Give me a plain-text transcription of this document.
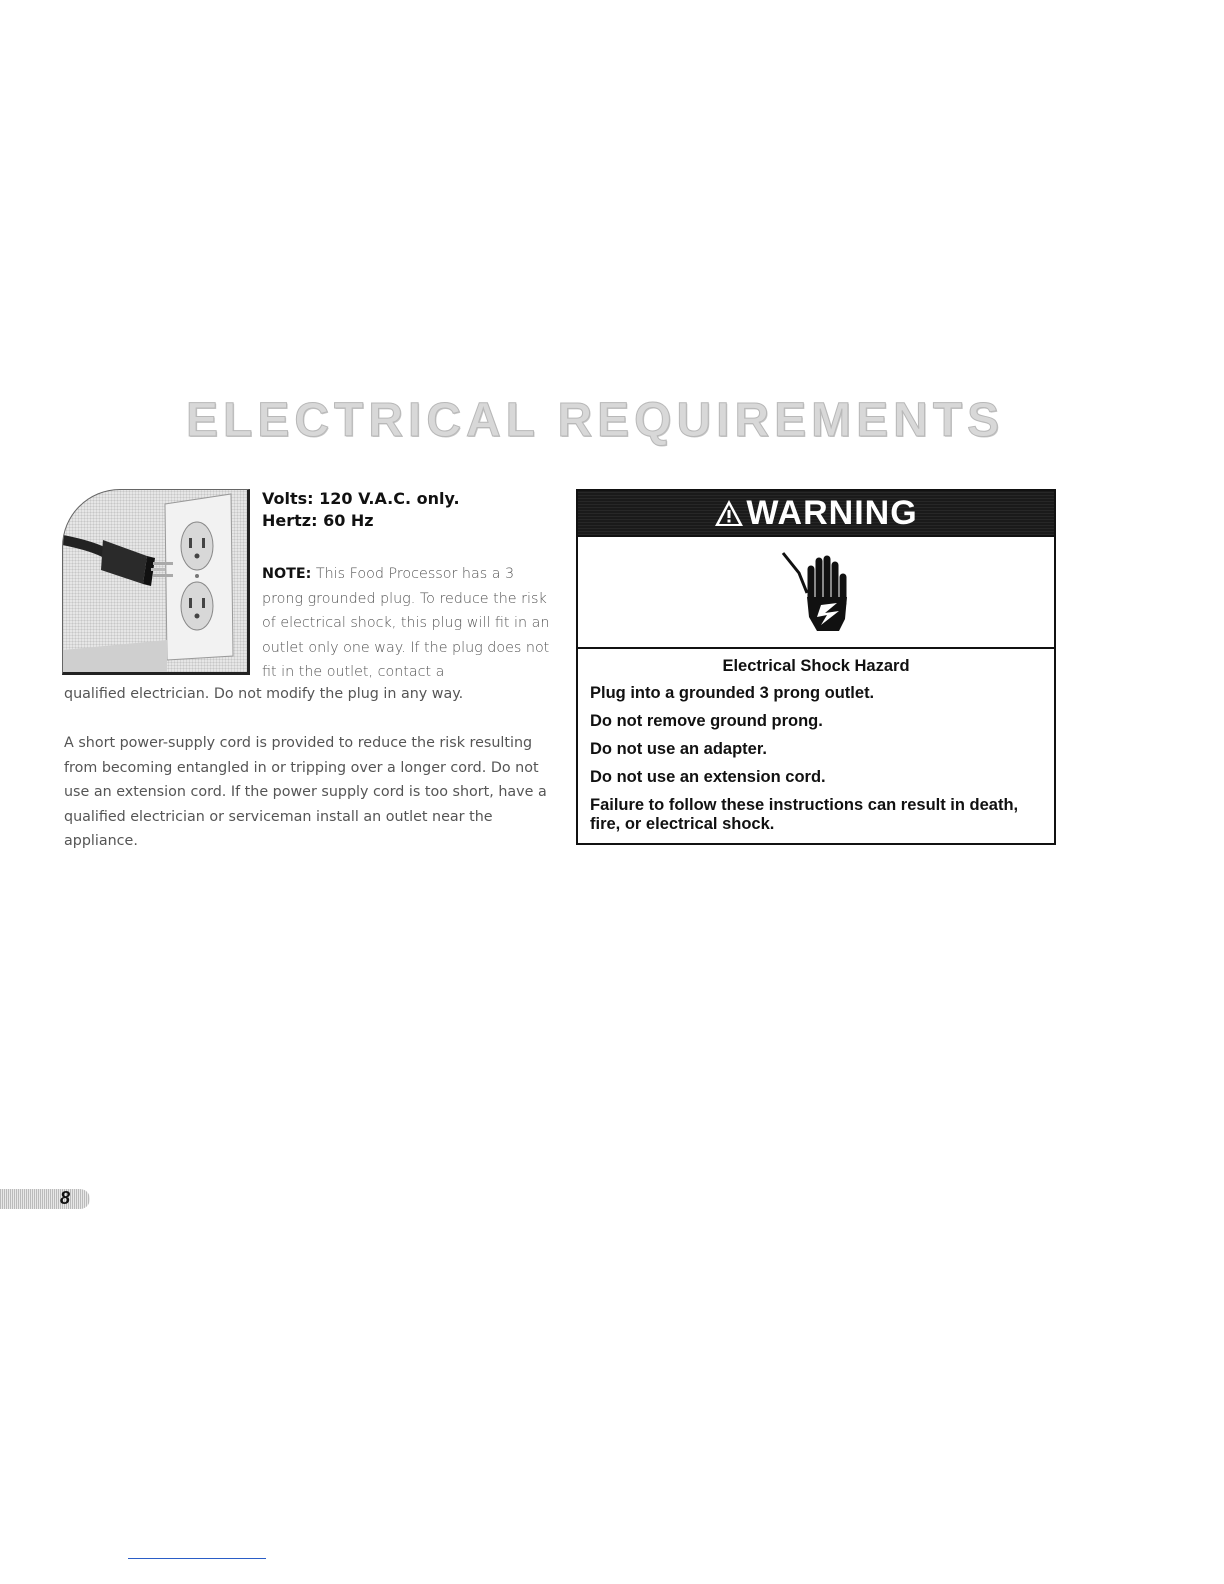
ELECTRICAL REQUIREMENTS

Volts: 120 V.A.C. only.
Hertz: 60 Hz

NOTE: This Food Processor has a 3 prong grounded plug. To reduce the risk of electrical shock, this plug will fit in an outlet only one way. If the plug does not fit in the outlet, contact a

qualified electrician. Do not modify the plug in any way.

A short power-supply cord is provided to reduce the risk resulting from becoming entangled in or tripping over a longer cord. Do not use an extension cord. If the power supply cord is too short, have a qualified electrician or serviceman install an outlet near the appliance.

WARNING
Electrical Shock Hazard
Plug into a grounded 3 prong outlet.
Do not remove ground prong.
Do not use an adapter.
Do not use an extension cord.
Failure to follow these instructions can result in death, fire, or electrical shock.
8
